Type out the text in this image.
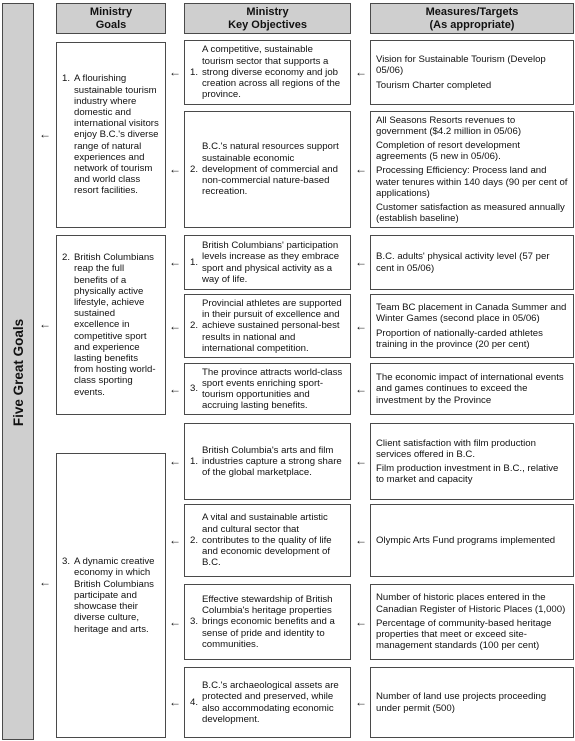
Five Great Goals
Ministry
Goals
Ministry
Key Objectives
Measures/Targets
(As appropriate)
1. A flourishing sustainable tourism industry where domestic and international visitors enjoy B.C.'s diverse range of natural experiences and network of tourism and world class resort facilities.
2. British Columbians reap the full benefits of a physically active lifestyle, achieve sustained excellence in competitive sport and experience lasting benefits from hosting world-class sporting events.
3. A dynamic creative economy in which British Columbians participate and showcase their diverse culture, heritage and arts.
1.
A competitive, sustainable tourism sector that supports a strong diverse economy and job creation across all regions of the province.
2.
B.C.'s natural resources support sustainable economic development of commercial and non-commercial nature-based recreation.
1.
British Columbians' participation levels increase as they embrace sport and physical activity as a way of life.
2.
Provincial athletes are supported in their pursuit of excellence and achieve sustained personal-best results in national and international competition.
3.
The province attracts world-class sport events enriching sport-tourism opportunities and accruing lasting benefits.
1.
British Columbia's arts and film industries capture a strong share of the global marketplace.
2.
A vital and sustainable artistic and cultural sector that contributes to the quality of life and economic development of B.C.
3.
Effective stewardship of British Columbia's heritage properties brings economic benefits and a sense of pride and identity to communities.
4.
B.C.'s archaeological assets are protected and preserved, while also accommodating economic development.

Vision for Sustainable Tourism (Develop 05/06)

Tourism Charter completed

All Seasons Resorts revenues to government ($4.2 million in 05/06)

Completion of resort development agreements (5 new in 05/06).

Processing Efficiency: Process land and water tenures within 140 days (90 per cent of applications)

Customer satisfaction as measured annually (establish baseline)

B.C. adults' physical activity level (57 per cent in 05/06)

Team BC placement in Canada Summer and Winter Games (second place in 05/06)

Proportion of nationally-carded athletes training in the province (20 per cent)

The economic impact of international events and games continues to exceed the investment by the Province

Client satisfaction with film production services offered in B.C.

Film production investment in B.C., relative to market and capacity

Olympic Arts Fund programs implemented

Number of historic places entered in the Canadian Register of Historic Places (1,000)

Percentage of community-based heritage properties that meet or exceed site-management standards (100 per cent)

Number of land use projects proceeding under permit (500)

←
←
←
←
←
←
←
←
←
←
←
←
←
←
←
←
←
←
←
←
←
